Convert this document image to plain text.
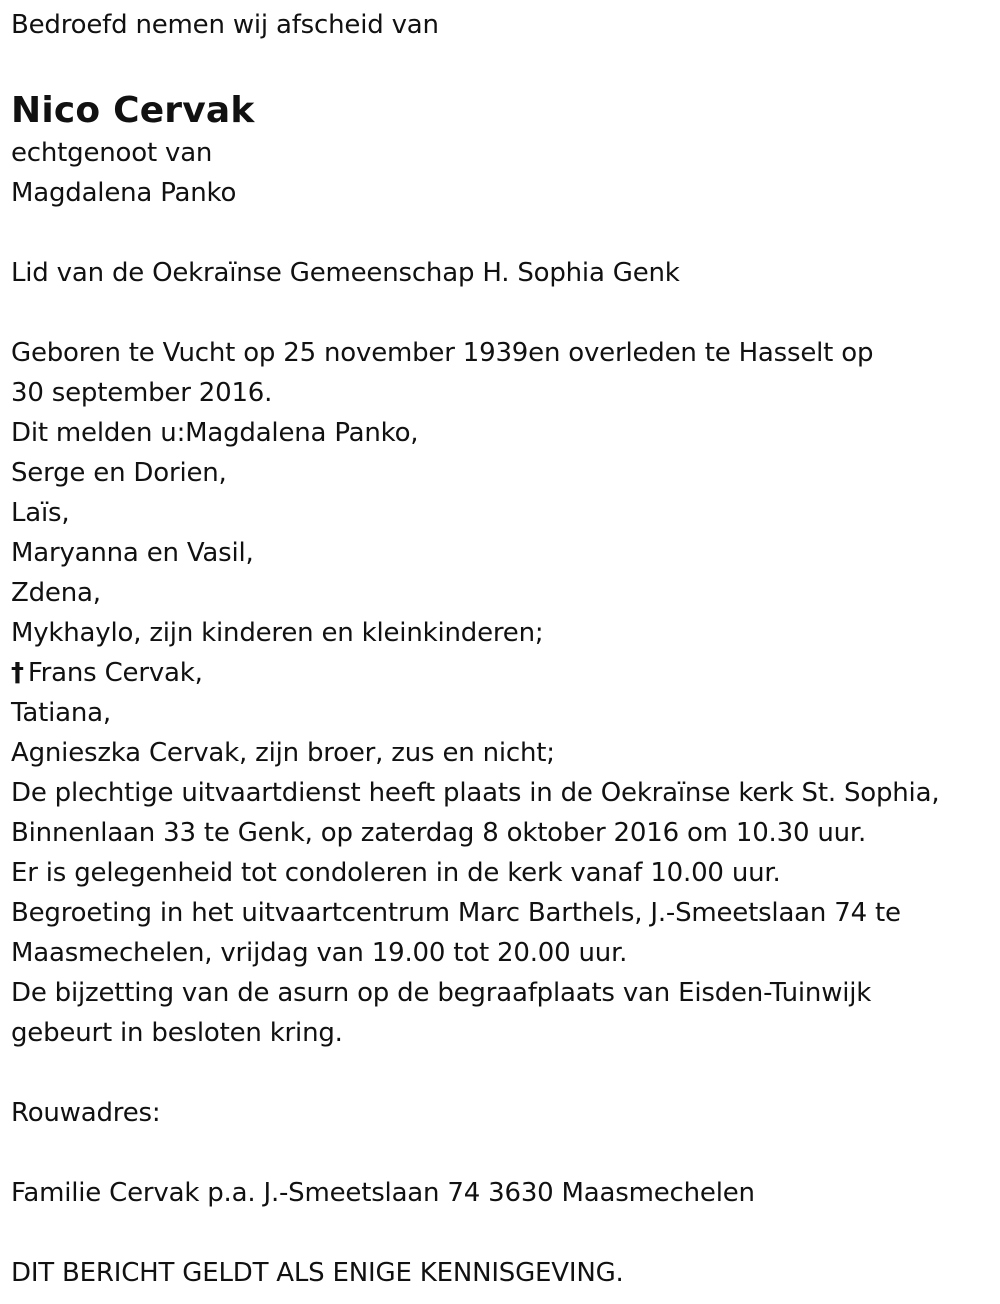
Bedroefd nemen wij afscheid van
Nico Cervak
echtgenoot van
Magdalena Panko
Lid van de Oekraïnse Gemeenschap H. Sophia Genk
Geboren te Vucht op 25 november 1939en overleden te Hasselt op
30 september 2016.
Dit melden u:Magdalena Panko,
Serge en Dorien,
Laïs,
Maryanna en Vasil,
Zdena,
Mykhaylo, zijn kinderen en kleinkinderen;
† Frans Cervak,
Tatiana,
Agnieszka Cervak, zijn broer, zus en nicht;
De plechtige uitvaartdienst heeft plaats in de Oekraïnse kerk St. Sophia,
Binnenlaan 33 te Genk, op zaterdag 8 oktober 2016 om 10.30 uur.
Er is gelegenheid tot condoleren in de kerk vanaf 10.00 uur.
Begroeting in het uitvaartcentrum Marc Barthels, J.-Smeetslaan 74 te
Maasmechelen, vrijdag van 19.00 tot 20.00 uur.
De bijzetting van de asurn op de begraafplaats van Eisden-Tuinwijk
gebeurt in besloten kring.
Rouwadres:
Familie Cervak p.a. J.-Smeetslaan 74 3630 Maasmechelen
DIT BERICHT GELDT ALS ENIGE KENNISGEVING.
